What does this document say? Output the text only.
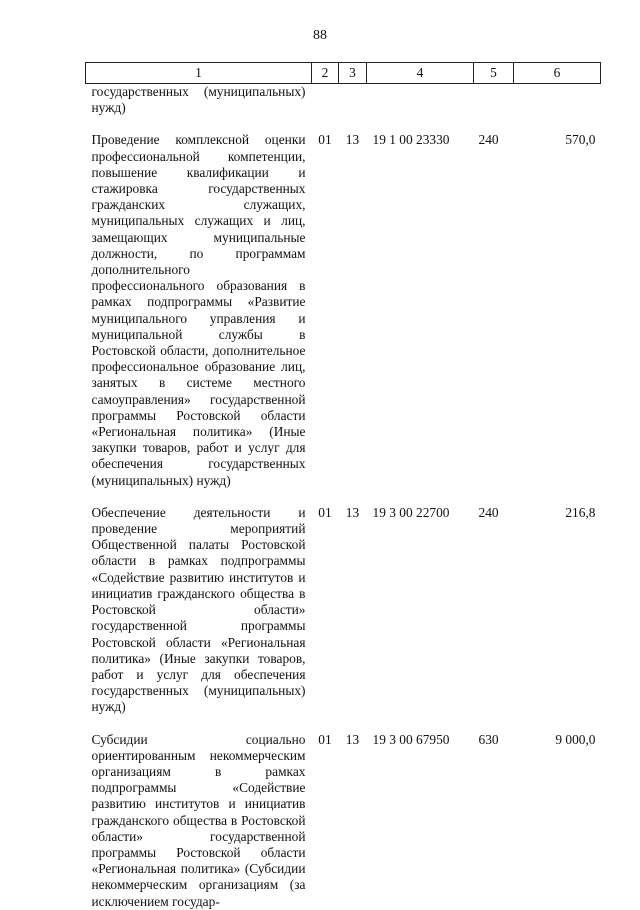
88
1	2	3	4	5	6
государственных (муниципальных) нужд)					
Проведение комплексной оценки профессиональной компетенции, повышение квалификации и стажировка государственных гражданских служащих, муниципальных служащих и лиц, замещающих муниципальные должности, по программам дополнительного профессионального образования в рамках подпрограммы «Развитие муниципального управления и муниципальной службы в Ростовской области, дополнительное профессиональное образование лиц, занятых в системе местного самоуправления» государственной программы Ростовской области «Региональная политика» (Иные закупки товаров, работ и услуг для обеспечения государственных (муниципальных) нужд)	01	13	19 1 00 23330	240	570,0
Обеспечение деятельности и проведение мероприятий Общественной палаты Ростовской области в рамках подпрограммы «Содействие развитию институтов и инициатив гражданского общества в Ростовской области» государственной программы Ростовской области «Региональная политика» (Иные закупки товаров, работ и услуг для обеспечения государственных (муниципальных) нужд)	01	13	19 3 00 22700	240	216,8
Субсидии социально ориентированным некоммерческим организациям в рамках подпрограммы «Содействие развитию институтов и инициатив гражданского общества в Ростовской области» государственной программы Ростовской области «Региональная политика» (Субсидии некоммерческим организациям (за исключением государ-	01	13	19 3 00 67950	630	9 000,0
